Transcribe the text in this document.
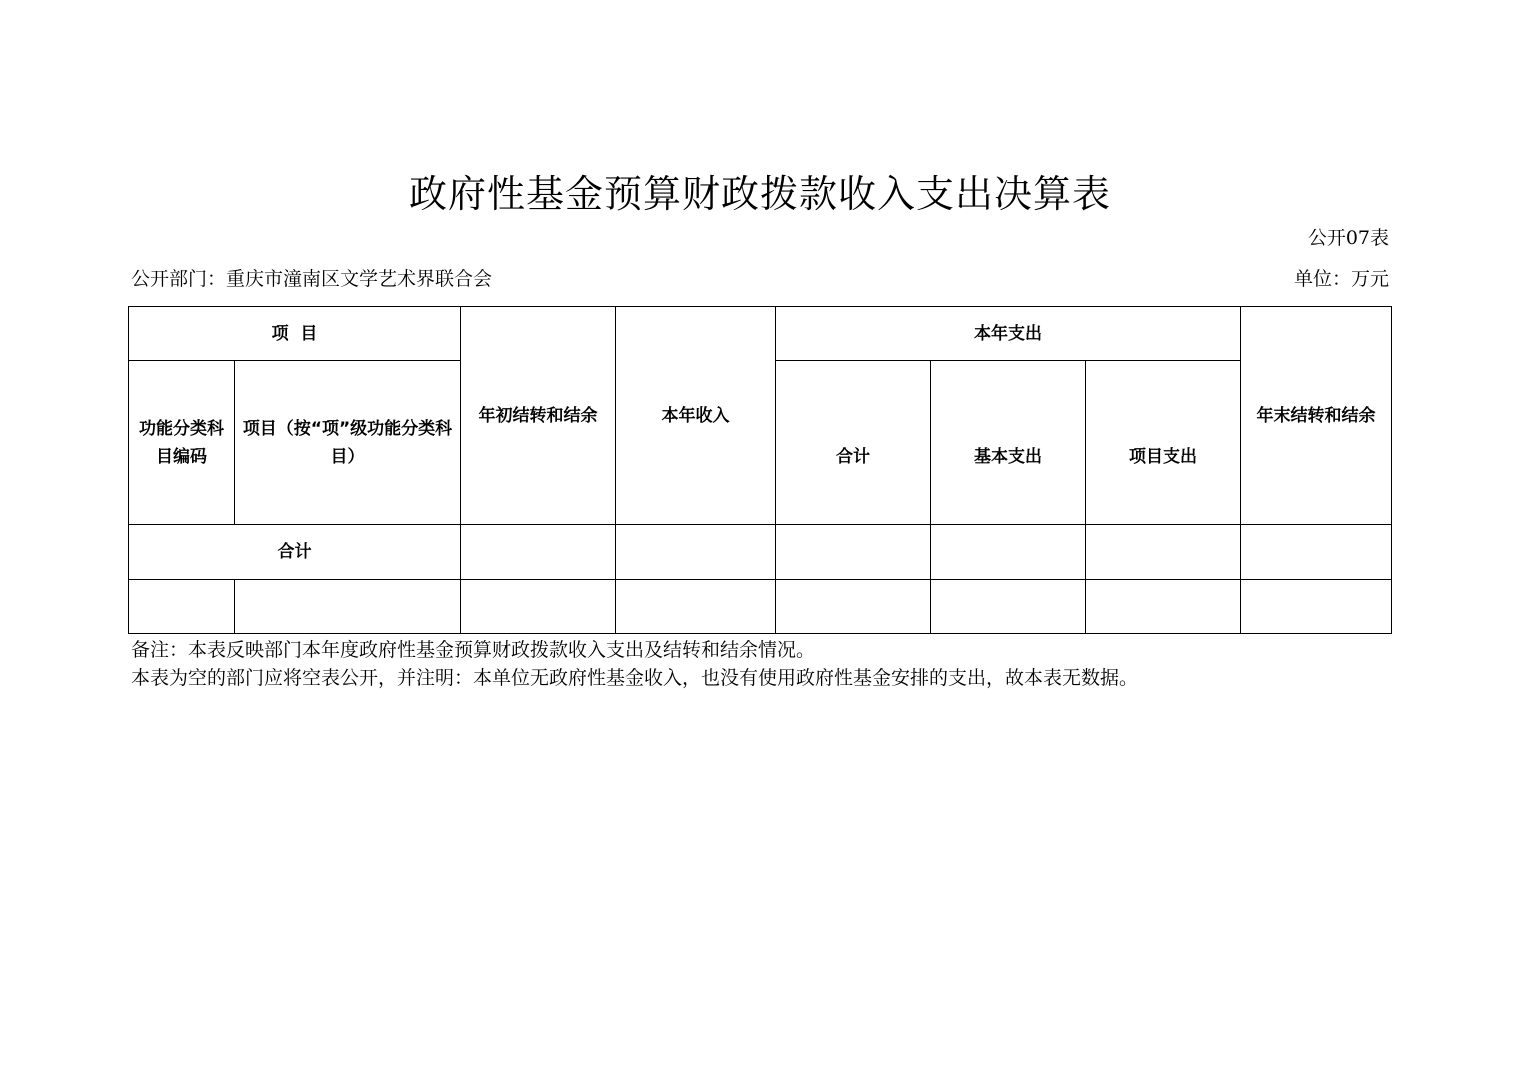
政府性基金预算财政拨款收入支出决算表
公开07表
公开部门：重庆市潼南区文学艺术界联合会	单位：万元
项  目		年初结转和结余	本年收入	本年支出			年末结转和结余
功能分类科目编码	项目（按“项”级功能分类科目）			合计	基本支出	项目支出	
合计							

备注：本表反映部门本年度政府性基金预算财政拨款收入支出及结转和结余情况。
本表为空的部门应将空表公开，并注明：本单位无政府性基金收入，也没有使用政府性基金安排的支出，故本表无数据。
